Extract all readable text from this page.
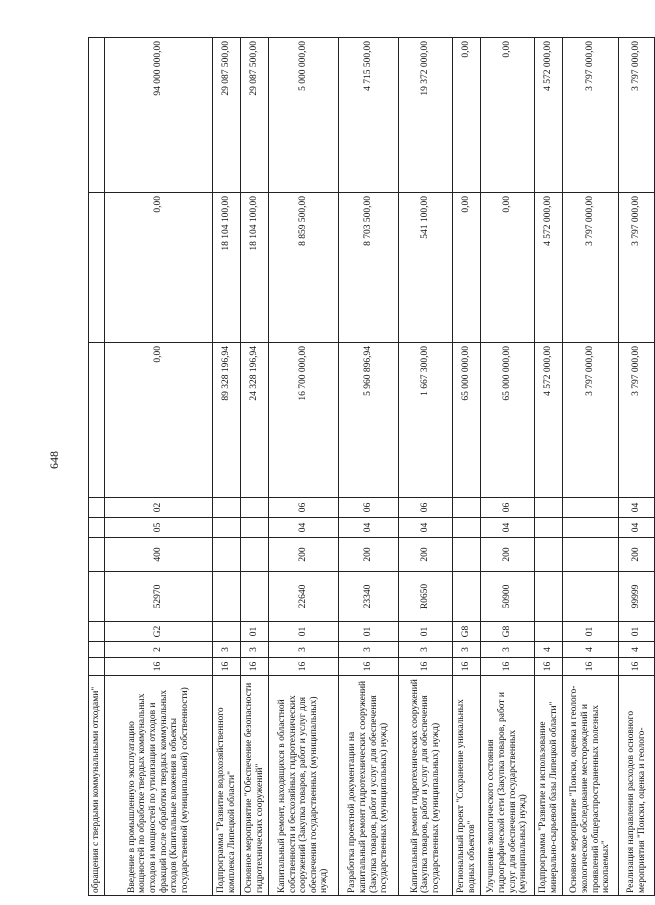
648
обращения с твердыми коммунальными отходами"										
Введение в промышленную эксплуатацию мощностей по обработке твердых коммунальных отходов и мощностей по утилизации отходов и фракций после обработки твердых коммунальных отходов (Капитальные вложения в объекты государственной (муниципальной) собственности)	16	2	G2	52970	400	05	02	0,00	0,00	94 000 000,00
Подпрограмма "Развитие водохозяйственного комплекса Липецкой области"	16	3						89 328 196,94	18 104 100,00	29 087 500,00
Основное мероприятие "Обеспечение безопасности гидротехнических сооружений"	16	3	01					24 328 196,94	18 104 100,00	29 087 500,00
Капитальный ремонт, находящихся в областной собственности и бесхозяйных гидротехнических сооружений (Закупка товаров, работ и услуг для обеспечения государственных (муниципальных) нужд)	16	3	01	22640	200	04	06	16 700 000,00	8 859 500,00	5 000 000,00
Разработка проектной документации на капитальный ремонт гидротехнических сооружений (Закупка товаров, работ и услуг для обеспечения государственных (муниципальных) нужд)	16	3	01	23340	200	04	06	5 960 896,94	8 703 500,00	4 715 500,00
Капитальный ремонт гидротехнических сооружений (Закупка товаров, работ и услуг для обеспечения государственных (муниципальных) нужд)	16	3	01	R0650	200	04	06	1 667 300,00	541 100,00	19 372 000,00
Региональный проект "Сохранение уникальных водных объектов"	16	3	G8					65 000 000,00	0,00	0,00
Улучшение экологического состояния гидрографической сети (Закупка товаров, работ и услуг для обеспечения государственных (муниципальных) нужд)	16	3	G8	50900	200	04	06	65 000 000,00	0,00	0,00
Подпрограмма "Развитие и использование минерально-сырьевой базы Липецкой области"	16	4						4 572 000,00	4 572 000,00	4 572 000,00
Основное мероприятие "Поиски, оценка и геолого-экологическое обследование месторождений и проявлений общераспространенных полезных ископаемых"	16	4	01					3 797 000,00	3 797 000,00	3 797 000,00
Реализация направления расходов основного мероприятия "Поиски, оценка и геолого-	16	4	01	99999	200	04	04	3 797 000,00	3 797 000,00	3 797 000,00
